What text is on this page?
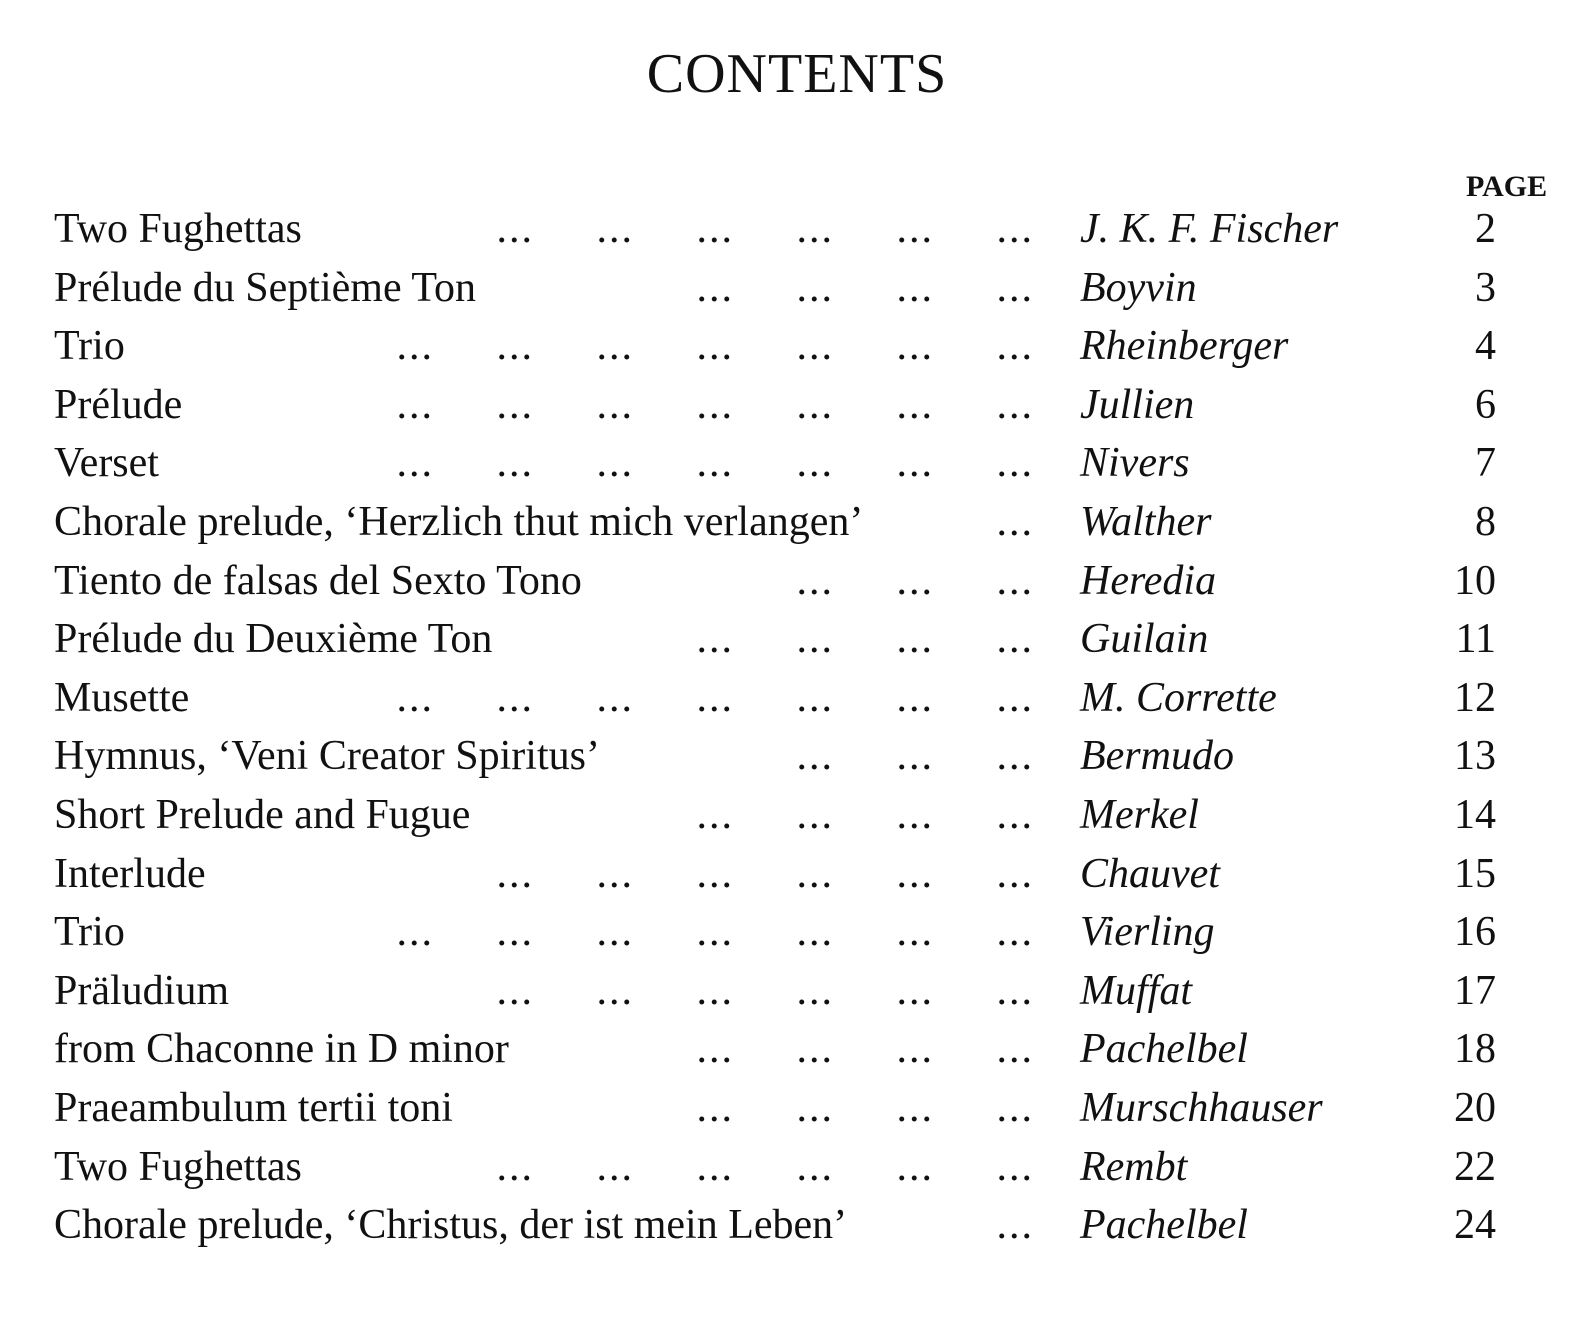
CONTENTS
PAGE
Two Fughettas	...     ...     ...     ...     ...     ... J. K. F. Fischer	2
Prélude du Septième Ton	...     ...     ...     ... Boyvin	3
Trio	...     ...     ...     ...     ...     ...     ... Rheinberger	4
Prélude	...     ...     ...     ...     ...     ...     ... Jullien	6
Verset	...     ...     ...     ...     ...     ...     ... Nivers	7
Chorale prelude, ‘Herzlich thut mich verlangen’	... Walther	8
Tiento de falsas del Sexto Tono	...     ...     ... Heredia	10
Prélude du Deuxième Ton	...     ...     ...     ... Guilain	11
Musette	...     ...     ...     ...     ...     ...     ... M. Corrette	12
Hymnus, ‘Veni Creator Spiritus’	...     ...     ... Bermudo	13
Short Prelude and Fugue	...     ...     ...     ... Merkel	14
Interlude	...     ...     ...     ...     ...     ... Chauvet	15
Trio	...     ...     ...     ...     ...     ...     ... Vierling	16
Präludium	...     ...     ...     ...     ...     ... Muffat	17
from Chaconne in D minor	...     ...     ...     ... Pachelbel	18
Praeambulum tertii toni	...     ...     ...     ... Murschhauser	20
Two Fughettas	...     ...     ...     ...     ...     ... Rembt	22
Chorale prelude, ‘Christus, der ist mein Leben’	... Pachelbel	24
